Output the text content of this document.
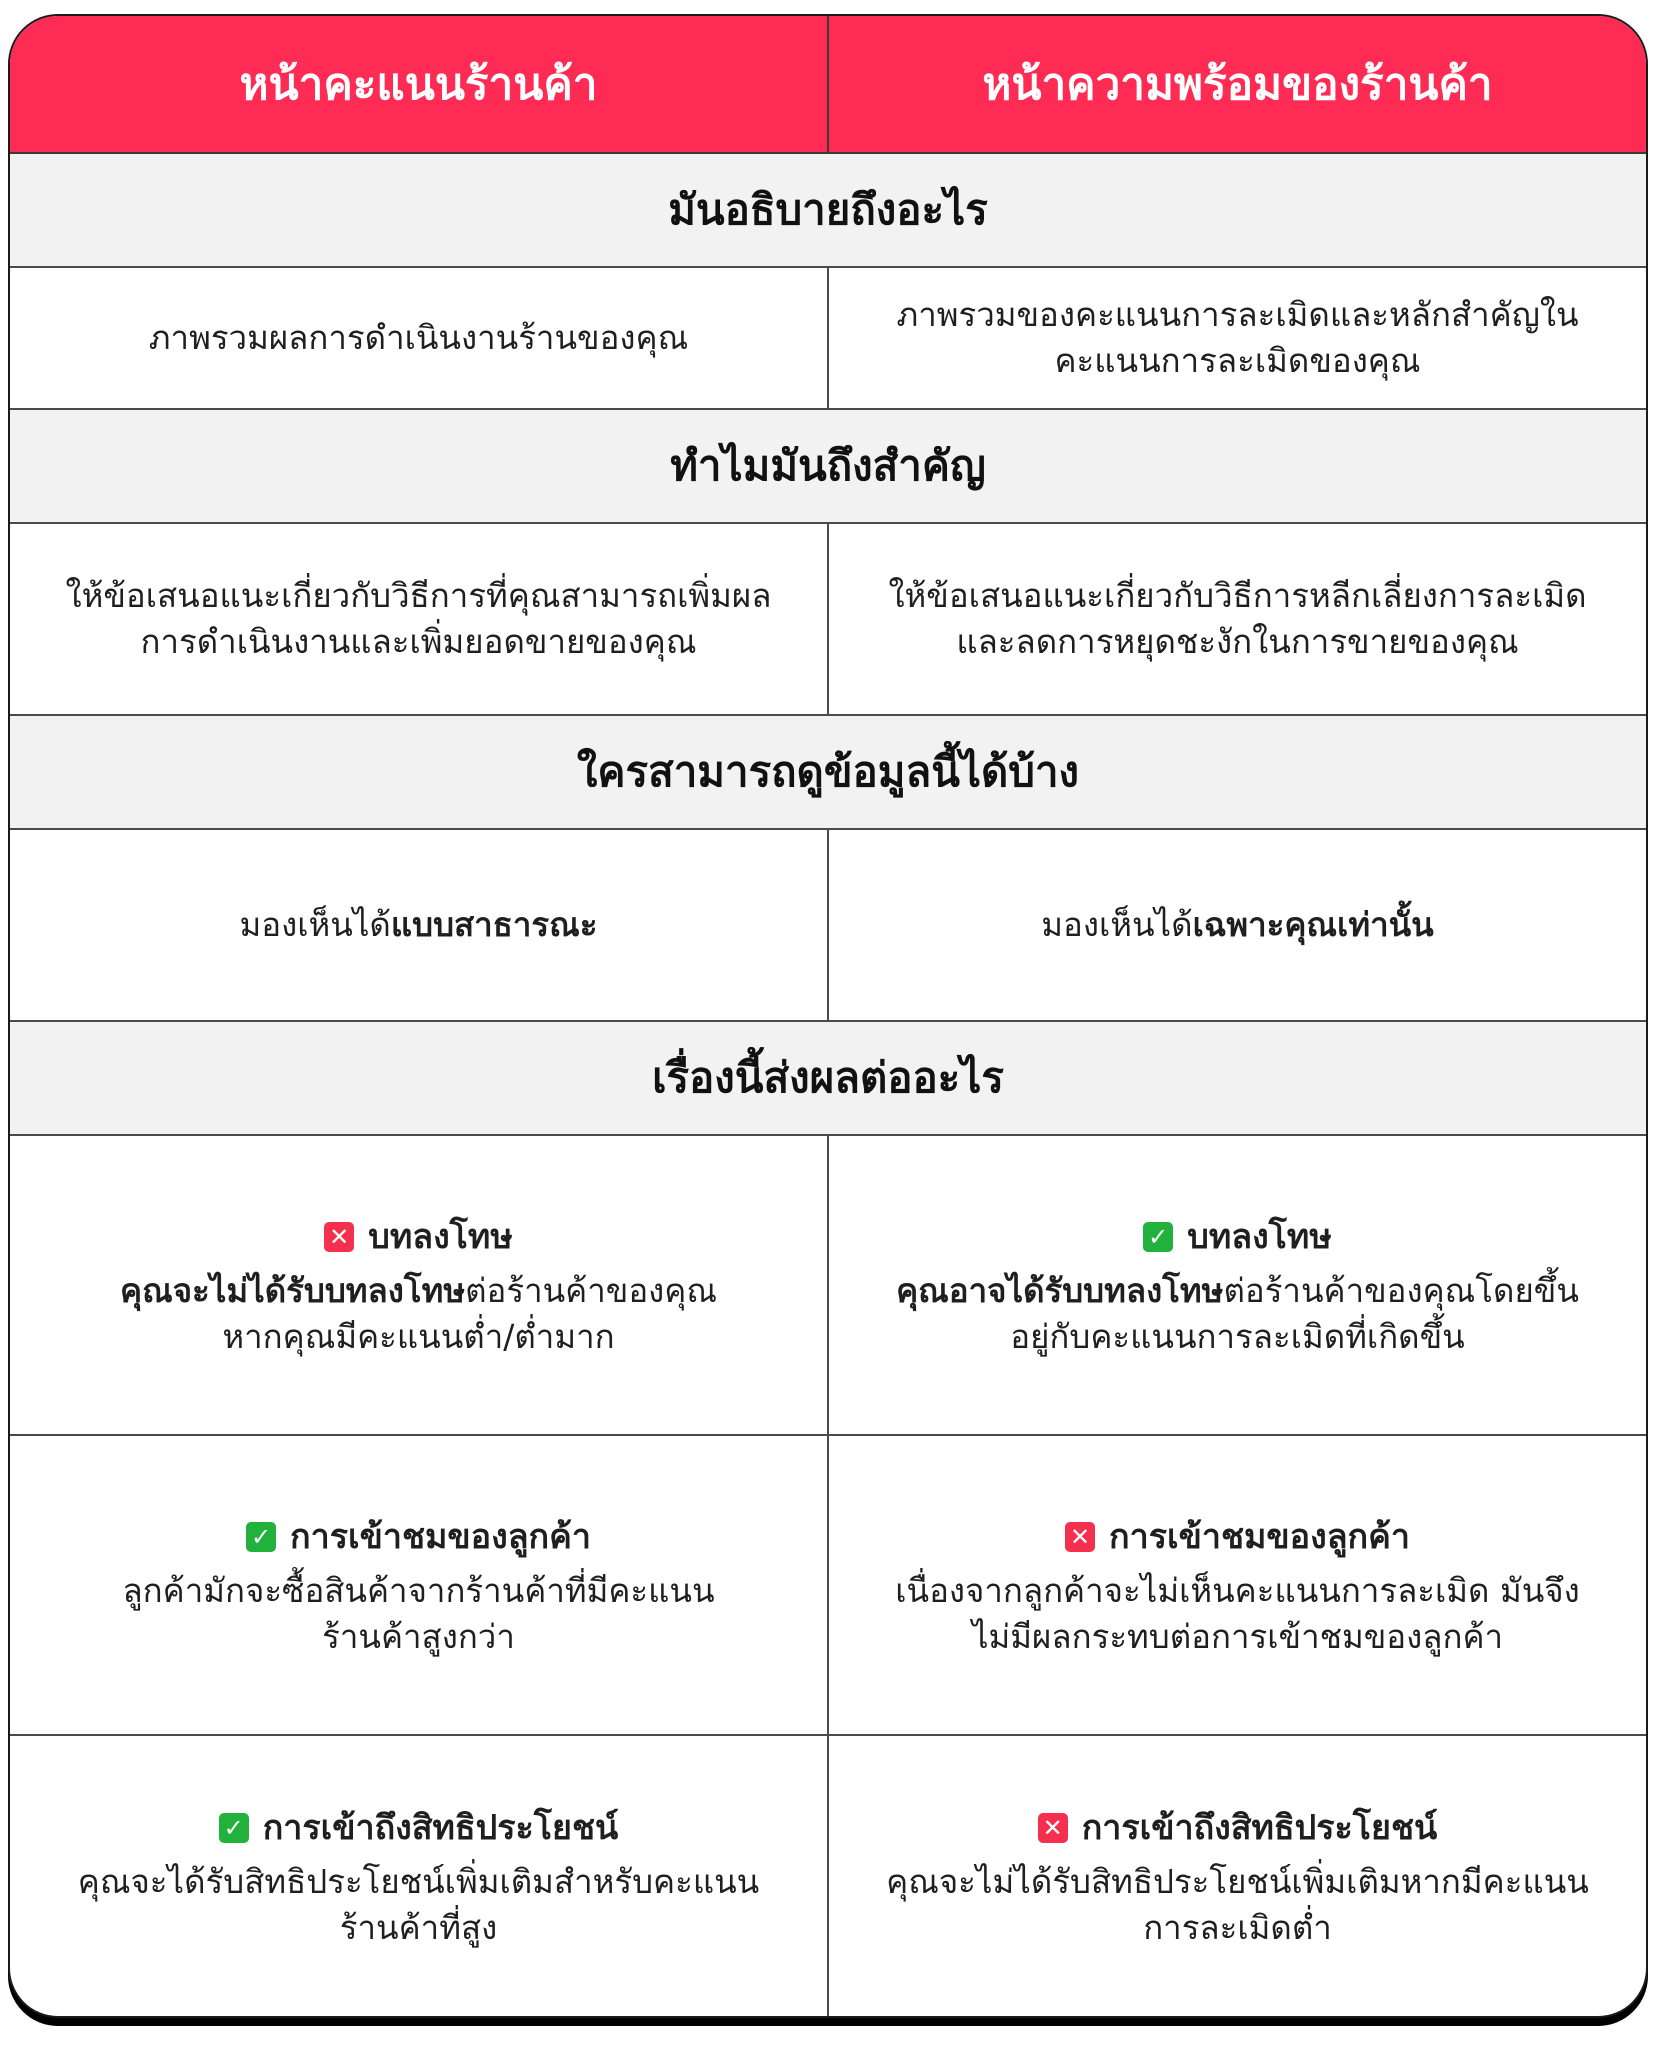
หน้าคะแนนร้านค้า	หน้าความพร้อมของร้านค้า
มันอธิบายถึงอะไร	
ภาพรวมผลการดำเนินงานร้านของคุณ	ภาพรวมของคะแนนการละเมิดและหลักสำคัญใน
คะแนนการละเมิดของคุณ

ทำไมมันถึงสำคัญ	

ให้ข้อเสนอแนะเกี่ยวกับวิธีการที่คุณสามารถเพิ่มผล
การดำเนินงานและเพิ่มยอดขายของคุณ	ให้ข้อเสนอแนะเกี่ยวกับวิธีการหลีกเลี่ยงการละเมิด
และลดการหยุดชะงักในการขายของคุณ

ใครสามารถดูข้อมูลนี้ได้บ้าง	
มองเห็นได้แบบสาธารณะ	มองเห็นได้เฉพาะคุณเท่านั้น
เรื่องนี้ส่งผลต่ออะไร	

✕ บทลงโทษ
คุณจะไม่ได้รับบทลงโทษต่อร้านค้าของคุณ
หากคุณมีคะแนนต่ำ/ต่ำมาก	✓ บทลงโทษ
คุณอาจได้รับบทลงโทษต่อร้านค้าของคุณโดยขึ้น
อยู่กับคะแนนการละเมิดที่เกิดขึ้น

✓ การเข้าชมของลูกค้า
ลูกค้ามักจะซื้อสินค้าจากร้านค้าที่มีคะแนน
ร้านค้าสูงกว่า	✕ การเข้าชมของลูกค้า
เนื่องจากลูกค้าจะไม่เห็นคะแนนการละเมิด มันจึง
ไม่มีผลกระทบต่อการเข้าชมของลูกค้า

✓ การเข้าถึงสิทธิประโยชน์
คุณจะได้รับสิทธิประโยชน์เพิ่มเติมสำหรับคะแนน
ร้านค้าที่สูง	✕ การเข้าถึงสิทธิประโยชน์
คุณจะไม่ได้รับสิทธิประโยชน์เพิ่มเติมหากมีคะแนน
การละเมิดต่ำ
